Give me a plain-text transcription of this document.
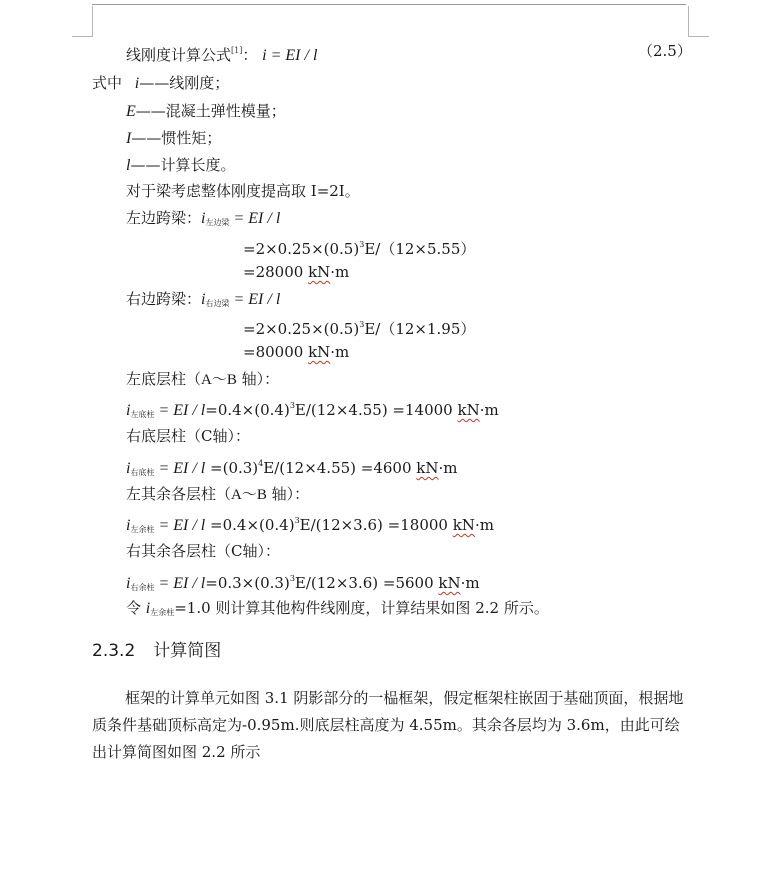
线刚度计算公式[1]： i = EI / l	（2.5）
式中 i——线刚度；
E——混凝土弹性模量；
I——惯性矩；
l——计算长度。
对于梁考虑整体刚度提高取 I=2I。
左边跨梁：$i_{左边梁}$ = EI / l
$=2\times 0.25\times(0.5)^3E/(12\times 5.55)$
=28000 kN·m
右边跨梁：$i_{右边梁}$ = EI / l
$=2\times 0.25\times(0.5)^3E/(12\times 1.95)$
=80000 kN·m
左底层柱（A～B 轴）：
$i_{左底柱}$ = EI / $l=0.4\times(0.4)^3E/(12\times 4.55) =14000$ kN·m
右底层柱（C轴）：
$i_{右底柱}$ = EI / $l =(0.3)^4E/(12\times 4.55) =4600$ kN·m
左其余各层柱（A～B 轴）：
$i_{左余柱}$ = EI / $l =0.4\times(0.4)^3E/(12\times 3.6) =18000$ kN·m
右其余各层柱（C轴）：
$i_{右余柱}$ = EI / $l=0.3\times(0.3)^3E/(12\times 3.6) =5600$ kN·m
令 $i_{左余柱}=1.0$ 则计算其他构件线刚度，计算结果如图 2.2 所示。
2.3.2 计算简图
框架的计算单元如图 3.1 阴影部分的一榀框架，假定框架柱嵌固于基础顶面，根据地质条件基础顶标高定为-0.95m.则底层柱高度为 4.55m。其余各层均为 3.6m，由此可绘出计算简图如图 2.2 所示
